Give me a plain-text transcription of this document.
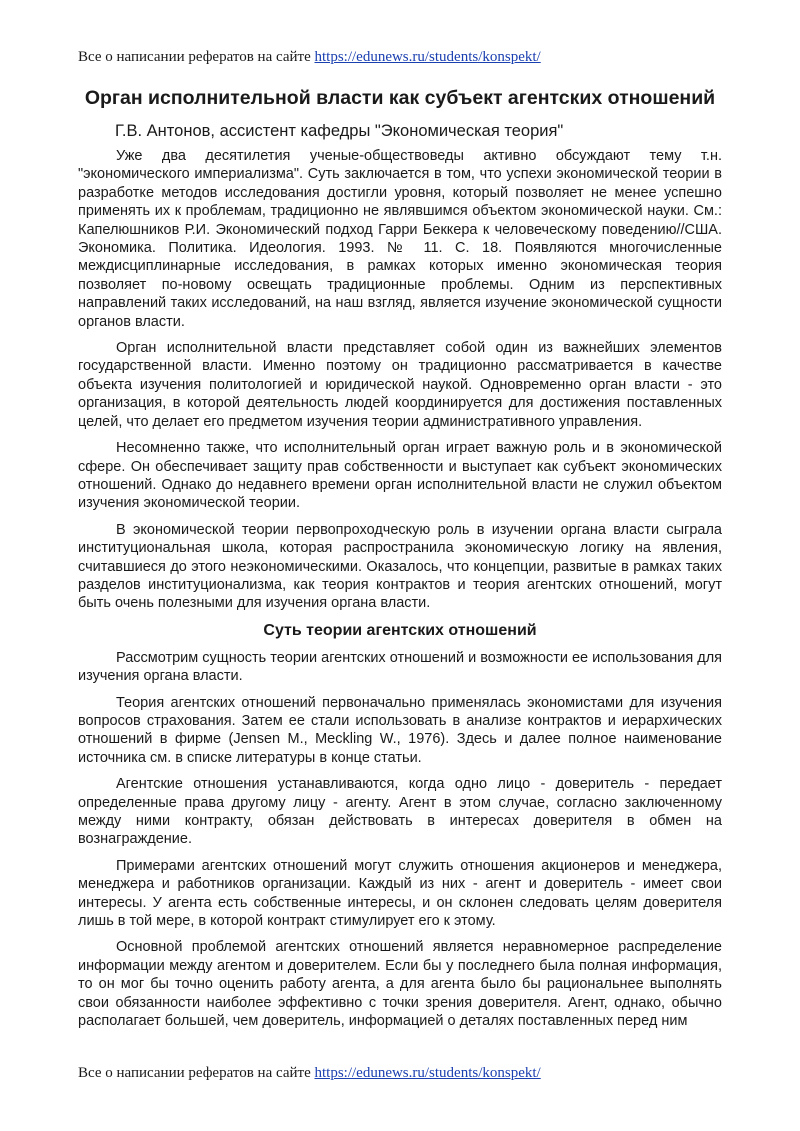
Все о написании рефератов на сайте https://edunews.ru/students/konspekt/
Орган исполнительной власти как субъект агентских отношений
Г.В. Антонов, ассистент кафедры "Экономическая теория"

Уже два десятилетия ученые-обществоведы активно обсуждают тему т.н. "экономического империализма". Суть заключается в том, что успехи экономической теории в разработке методов исследования достигли уровня, который позволяет не менее успешно применять их к проблемам, традиционно не являвшимся объектом экономической науки. См.: Капелюшников Р.И. Экономический подход Гарри Беккера к человеческому поведению//США. Экономика. Политика. Идеология. 1993. № 11. С. 18. Появляются многочисленные междисциплинарные исследования, в рамках которых именно экономическая теория позволяет по-новому освещать традиционные проблемы. Одним из перспективных направлений таких исследований, на наш взгляд, является изучение экономической сущности органов власти.

Орган исполнительной власти представляет собой один из важнейших элементов государственной власти. Именно поэтому он традиционно рассматривается в качестве объекта изучения политологией и юридической наукой. Одновременно орган власти - это организация, в которой деятельность людей координируется для достижения поставленных целей, что делает его предметом изучения теории административного управления.

Несомненно также, что исполнительный орган играет важную роль и в экономической сфере. Он обеспечивает защиту прав собственности и выступает как субъект экономических отношений. Однако до недавнего времени орган исполнительной власти не служил объектом изучения экономической теории.

В экономической теории первопроходческую роль в изучении органа власти сыграла институциональная школа, которая распространила экономическую логику на явления, считавшиеся до этого неэкономическими. Оказалось, что концепции, развитые в рамках таких разделов институционализма, как теория контрактов и теория агентских отношений, могут быть очень полезными для изучения органа власти.

Суть теории агентских отношений

Рассмотрим сущность теории агентских отношений и возможности ее использования для изучения органа власти.

Теория агентских отношений первоначально применялась экономистами для изучения вопросов страхования. Затем ее стали использовать в анализе контрактов и иерархических отношений в фирме (Jensen M., Meckling W., 1976). Здесь и далее полное наименование источника см. в списке литературы в конце статьи.

Агентские отношения устанавливаются, когда одно лицо - доверитель - передает определенные права другому лицу - агенту. Агент в этом случае, согласно заключенному между ними контракту, обязан действовать в интересах доверителя в обмен на вознаграждение.

Примерами агентских отношений могут служить отношения акционеров и менеджера, менеджера и работников организации. Каждый из них - агент и доверитель - имеет свои интересы. У агента есть собственные интересы, и он склонен следовать целям доверителя лишь в той мере, в которой контракт стимулирует его к этому.

Основной проблемой агентских отношений является неравномерное распределение информации между агентом и доверителем. Если бы у последнего была полная информация, то он мог бы точно оценить работу агента, а для агента было бы рациональнее выполнять свои обязанности наиболее эффективно с точки зрения доверителя. Агент, однако, обычно располагает большей, чем доверитель, информацией о деталях поставленных перед ним

Все о написании рефератов на сайте https://edunews.ru/students/konspekt/
